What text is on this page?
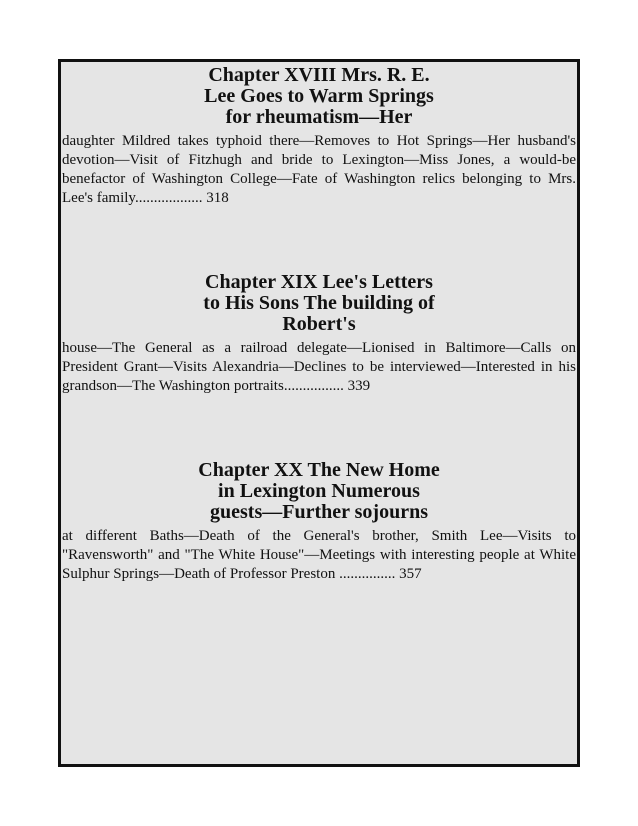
Chapter XVIII Mrs. R. E.
Lee Goes to Warm Springs
for rheumatism—Her
daughter Mildred takes typhoid there—Removes to Hot Springs—Her husband's devotion—Visit of Fitzhugh and bride to Lexington—Miss Jones, a would-be benefactor of Washington College—Fate of Washington relics belonging to Mrs. Lee's family.................. 318
Chapter XIX Lee's Letters
to His Sons The building of
Robert's
house—The General as a railroad delegate—Lionised in Baltimore—Calls on President Grant—Visits Alexandria—Declines to be interviewed—Interested in his grandson—The Washington portraits................ 339
Chapter XX The New Home
in Lexington Numerous
guests—Further sojourns
at different Baths—Death of the General's brother, Smith Lee—Visits to "Ravensworth" and "The White House"—Meetings with interesting people at White Sulphur Springs—Death of Professor Preston ............... 357
